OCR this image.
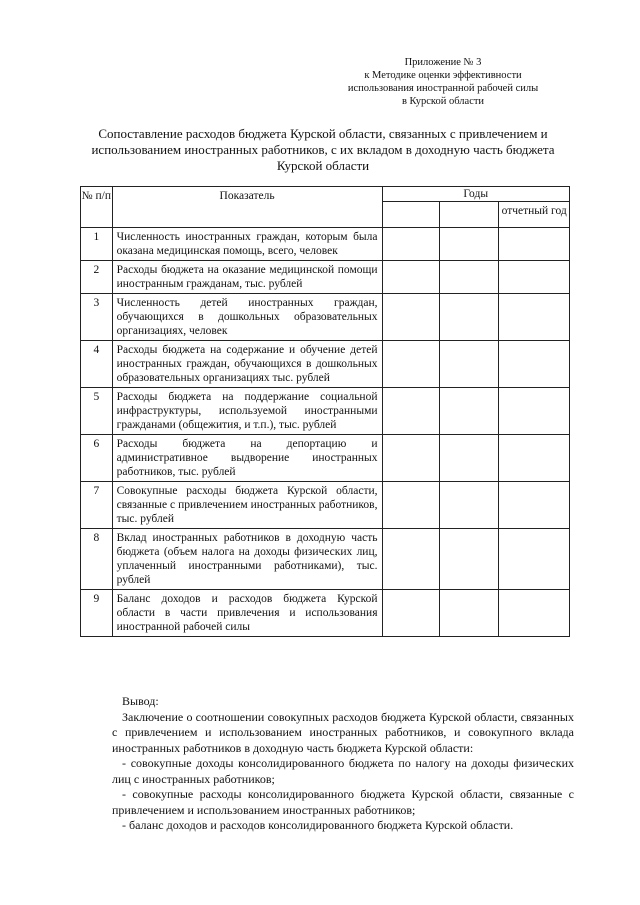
Приложение № 3
к Методике оценки эффективности
использования иностранной рабочей силы
в Курской области
Сопоставление расходов бюджета Курской области, связанных с привлечением и использованием иностранных работников, с их вкладом в доходную часть бюджета Курской области
№ п/п	Показатель	Годы		
				отчетный год
1	Численность иностранных граждан, которым была оказана медицинская помощь, всего, человек			
2	Расходы бюджета на оказание медицинской помощи иностранным гражданам, тыс. рублей			
3	Численность детей иностранных граждан, обучающихся в дошкольных образовательных организациях, человек			
4	Расходы бюджета на содержание и обучение детей иностранных граждан, обучающихся в дошкольных образовательных организациях тыс. рублей			
5	Расходы бюджета на поддержание социальной инфраструктуры, используемой иностранными гражданами (общежития, и т.п.), тыс. рублей			
6	Расходы бюджета на депортацию и административное выдворение иностранных работников, тыс. рублей			
7	Совокупные расходы бюджета Курской области, связанные с привлечением иностранных работников, тыс. рублей			
8	Вклад иностранных работников в доходную часть бюджета (объем налога на доходы физических лиц, уплаченный иностранными работниками), тыс. рублей			
9	Баланс доходов и расходов бюджета Курской области в части привлечения и использования иностранной рабочей силы			

Вывод:

Заключение о соотношении совокупных расходов бюджета Курской области, связанных с привлечением и использованием иностранных работников, и совокупного вклада иностранных работников в доходную часть бюджета Курской области:

- совокупные доходы консолидированного бюджета по налогу на доходы физических лиц с иностранных работников;

- совокупные расходы консолидированного бюджета Курской области, связанные с привлечением и использованием иностранных работников;

- баланс доходов и расходов консолидированного бюджета Курской области.
